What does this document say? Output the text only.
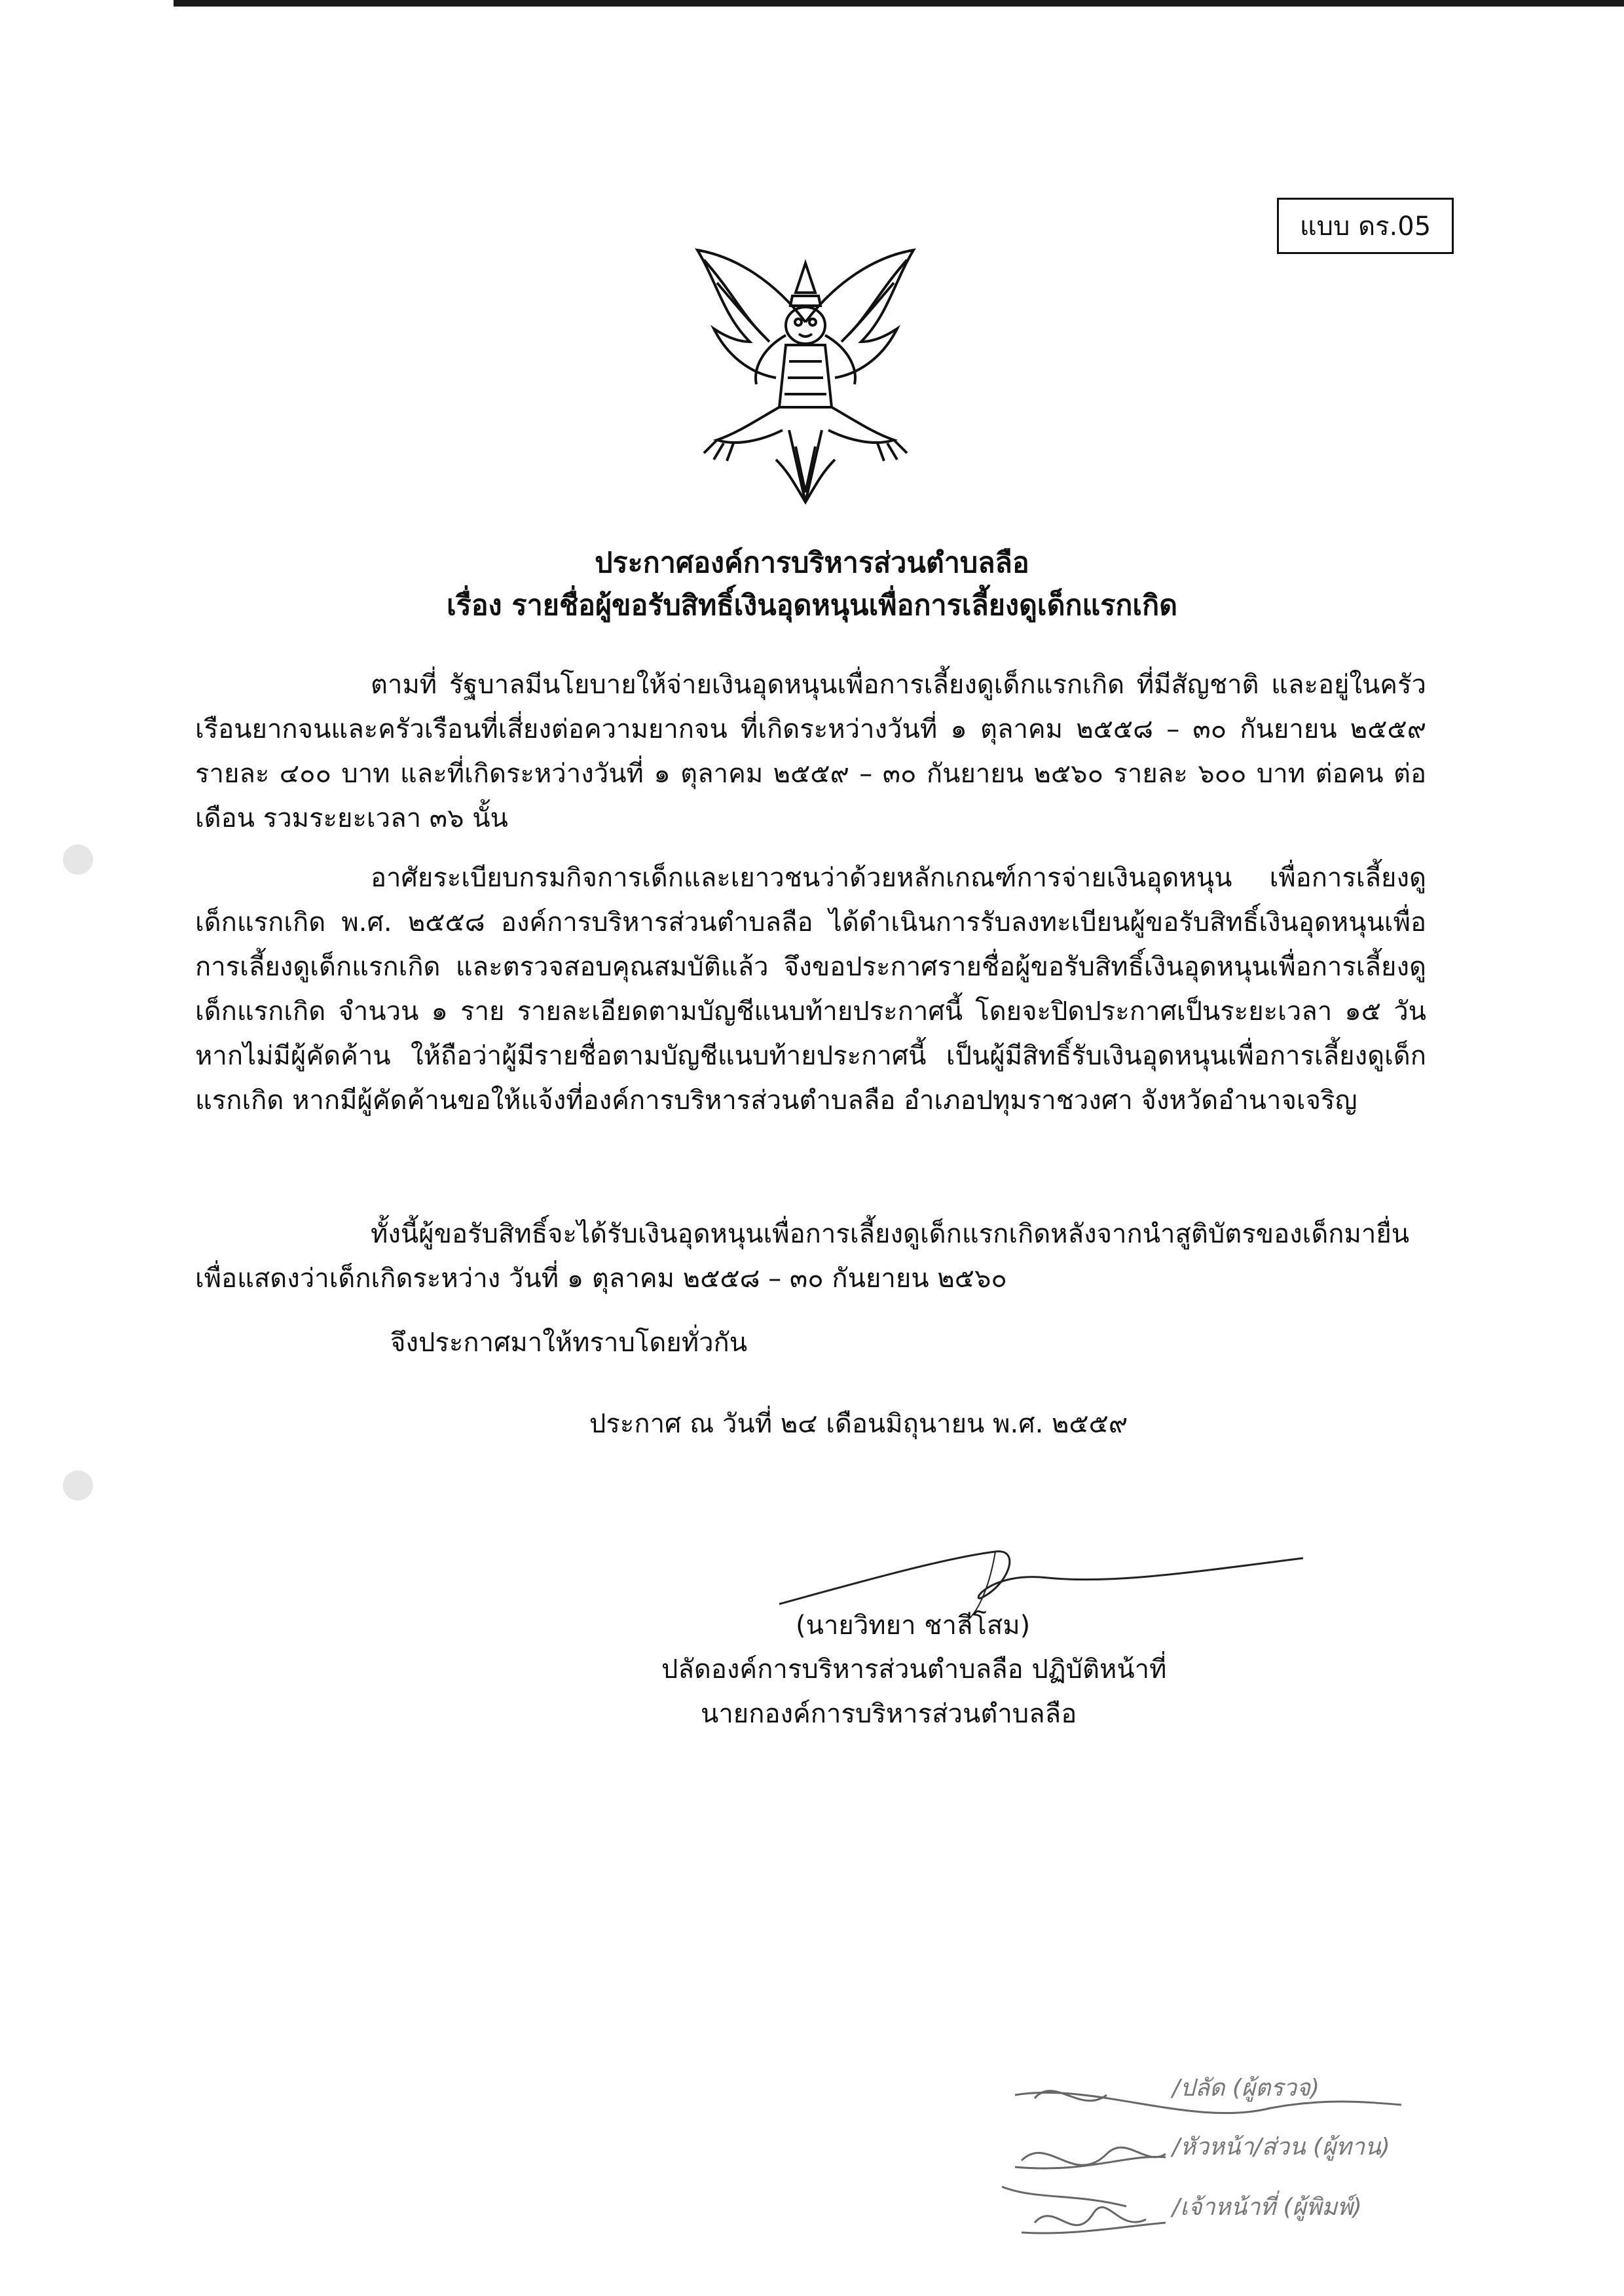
แบบ ดร.05
ประกาศองค์การบริหารส่วนตำบลลือ
เรื่อง รายชื่อผู้ขอรับสิทธิ์เงินอุดหนุนเพื่อการเลี้ยงดูเด็กแรกเกิด
ตามที่ รัฐบาลมีนโยบายให้จ่ายเงินอุดหนุนเพื่อการเลี้ยงดูเด็กแรกเกิด ที่มีสัญชาติ และอยู่ในครัวเรือนยากจนและครัวเรือนที่เสี่ยงต่อความยากจน ที่เกิดระหว่างวันที่ ๑ ตุลาคม ๒๕๕๘ – ๓๐ กันยายน ๒๕๕๙ รายละ ๔๐๐ บาท และที่เกิดระหว่างวันที่ ๑ ตุลาคม ๒๕๕๙ – ๓๐ กันยายน ๒๕๖๐ รายละ ๖๐๐ บาท ต่อคน ต่อเดือน รวมระยะเวลา ๓๖ นั้น
อาศัยระเบียบกรมกิจการเด็กและเยาวชนว่าด้วยหลักเกณฑ์การจ่ายเงินอุดหนุน เพื่อการเลี้ยงดูเด็กแรกเกิด พ.ศ. ๒๕๕๘ องค์การบริหารส่วนตำบลลือ ได้ดำเนินการรับลงทะเบียนผู้ขอรับสิทธิ์เงินอุดหนุนเพื่อการเลี้ยงดูเด็กแรกเกิด และตรวจสอบคุณสมบัติแล้ว จึงขอประกาศรายชื่อผู้ขอรับสิทธิ์เงินอุดหนุนเพื่อการเลี้ยงดูเด็กแรกเกิด จำนวน ๑ ราย รายละเอียดตามบัญชีแนบท้ายประกาศนี้ โดยจะปิดประกาศเป็นระยะเวลา ๑๕ วัน หากไม่มีผู้คัดค้าน ให้ถือว่าผู้มีรายชื่อตามบัญชีแนบท้ายประกาศนี้ เป็นผู้มีสิทธิ์รับเงินอุดหนุนเพื่อการเลี้ยงดูเด็กแรกเกิด หากมีผู้คัดค้านขอให้แจ้งที่องค์การบริหารส่วนตำบลลือ อำเภอปทุมราชวงศา จังหวัดอำนาจเจริญ
ทั้งนี้ผู้ขอรับสิทธิ์จะได้รับเงินอุดหนุนเพื่อการเลี้ยงดูเด็กแรกเกิดหลังจากนำสูติบัตรของเด็กมายื่นเพื่อแสดงว่าเด็กเกิดระหว่าง วันที่ ๑ ตุลาคม ๒๕๕๘ – ๓๐ กันยายน ๒๕๖๐
จึงประกาศมาให้ทราบโดยทั่วกัน
ประกาศ ณ วันที่ ๒๔ เดือนมิถุนายน พ.ศ. ๒๕๕๙
(นายวิทยา ชาลีโสม)
ปลัดองค์การบริหารส่วนตำบลลือ ปฏิบัติหน้าที่
นายกองค์การบริหารส่วนตำบลลือ
/ปลัด (ผู้ตรวจ)
/หัวหน้า/ส่วน (ผู้ทาน)
/เจ้าหน้าที่ (ผู้พิมพ์)
